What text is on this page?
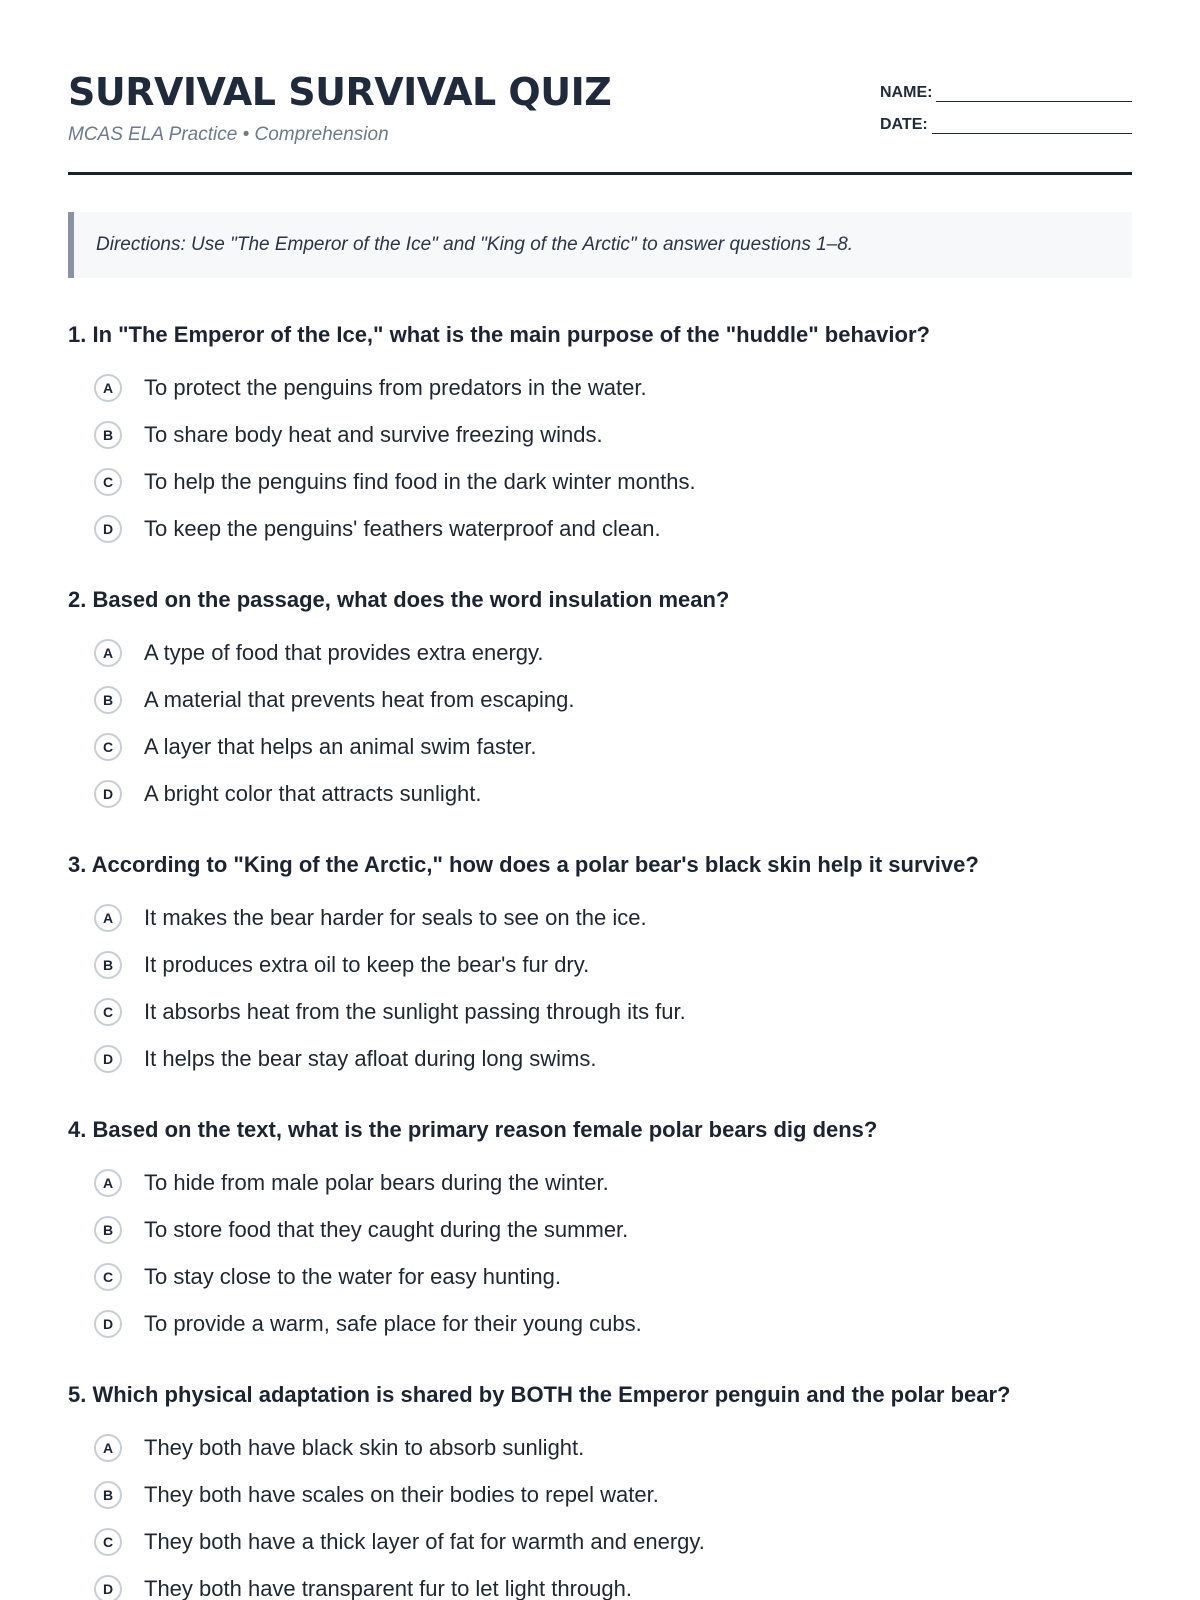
SURVIVAL SURVIVAL QUIZ
MCAS ELA Practice • Comprehension
NAME:
DATE:
Directions: Use "The Emperor of the Ice" and "King of the Arctic" to answer questions 1–8.
1. In "The Emperor of the Ice," what is the main purpose of the "huddle" behavior?
A	To protect the penguins from predators in the water.
B	To share body heat and survive freezing winds.
C	To help the penguins find food in the dark winter months.
D	To keep the penguins' feathers waterproof and clean.
2. Based on the passage, what does the word insulation mean?
A	A type of food that provides extra energy.
B	A material that prevents heat from escaping.
C	A layer that helps an animal swim faster.
D	A bright color that attracts sunlight.
3. According to "King of the Arctic," how does a polar bear's black skin help it survive?
A	It makes the bear harder for seals to see on the ice.
B	It produces extra oil to keep the bear's fur dry.
C	It absorbs heat from the sunlight passing through its fur.
D	It helps the bear stay afloat during long swims.
4. Based on the text, what is the primary reason female polar bears dig dens?
A	To hide from male polar bears during the winter.
B	To store food that they caught during the summer.
C	To stay close to the water for easy hunting.
D	To provide a warm, safe place for their young cubs.
5. Which physical adaptation is shared by BOTH the Emperor penguin and the polar bear?
A	They both have black skin to absorb sunlight.
B	They both have scales on their bodies to repel water.
C	They both have a thick layer of fat for warmth and energy.
D	They both have transparent fur to let light through.
